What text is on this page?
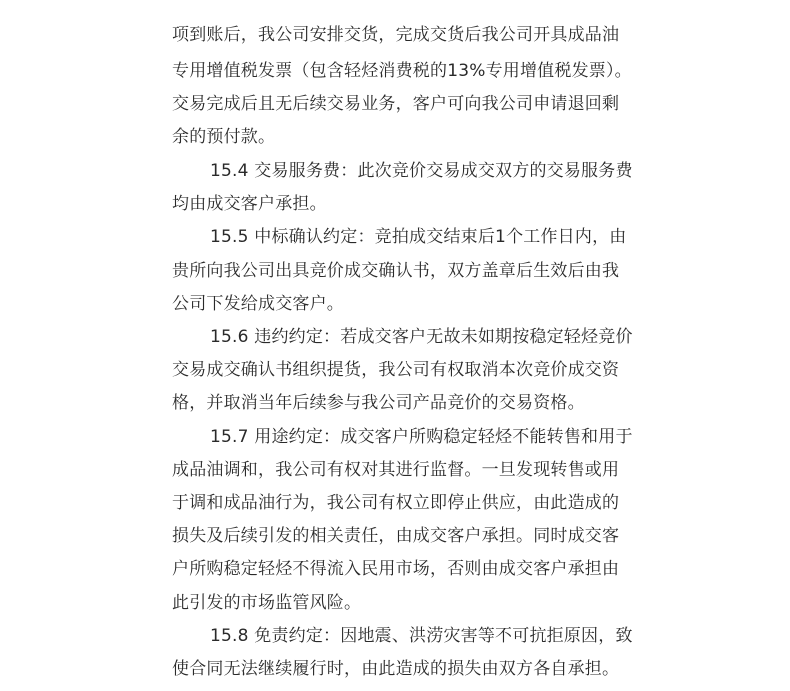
项到账后，我公司安排交货，完成交货后我公司开具成品油
专用增值税发票（包含轻烃消费税的13%专用增值税发票）。
交易完成后且无后续交易业务，客户可向我公司申请退回剩
余的预付款。
15.4 交易服务费：此次竞价交易成交双方的交易服务费
均由成交客户承担。
15.5 中标确认约定：竞拍成交结束后1个工作日内，由
贵所向我公司出具竞价成交确认书，双方盖章后生效后由我
公司下发给成交客户。
15.6 违约约定：若成交客户无故未如期按稳定轻烃竞价
交易成交确认书组织提货，我公司有权取消本次竞价成交资
格，并取消当年后续参与我公司产品竞价的交易资格。
15.7 用途约定：成交客户所购稳定轻烃不能转售和用于
成品油调和，我公司有权对其进行监督。一旦发现转售或用
于调和成品油行为，我公司有权立即停止供应，由此造成的
损失及后续引发的相关责任，由成交客户承担。同时成交客
户所购稳定轻烃不得流入民用市场，否则由成交客户承担由
此引发的市场监管风险。
15.8 免责约定：因地震、洪涝灾害等不可抗拒原因，致
使合同无法继续履行时，由此造成的损失由双方各自承担。
